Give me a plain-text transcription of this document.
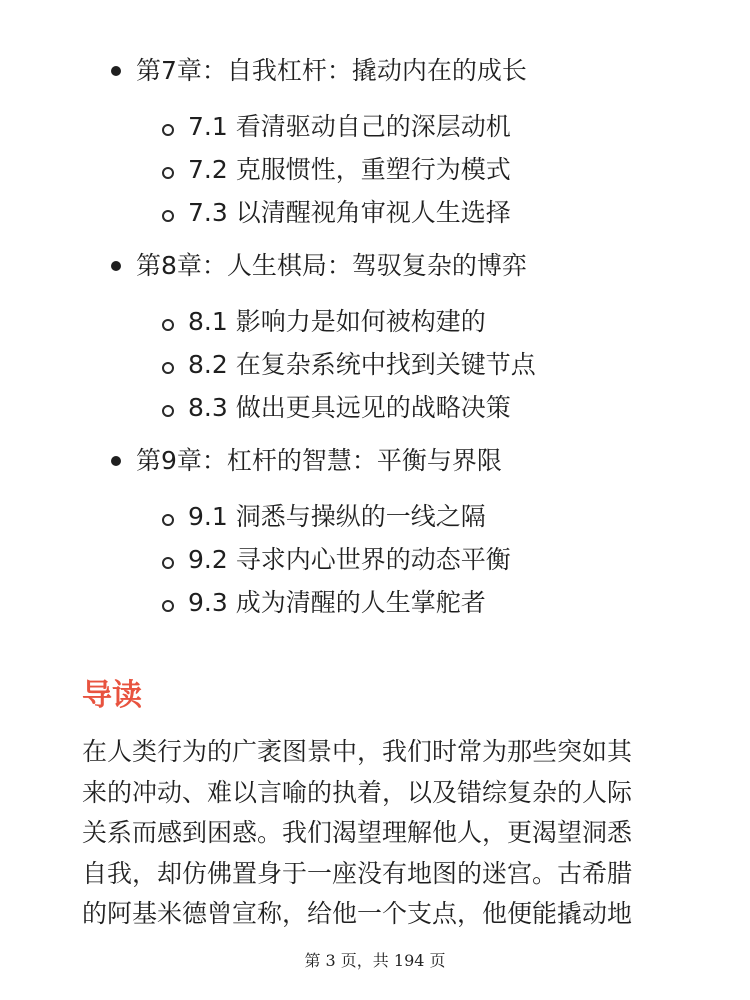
第7章：自我杠杆：撬动内在的成长
7.1 看清驱动自己的深层动机
7.2 克服惯性，重塑行为模式
7.3 以清醒视角审视人生选择
第8章：人生棋局：驾驭复杂的博弈
8.1 影响力是如何被构建的
8.2 在复杂系统中找到关键节点
8.3 做出更具远见的战略决策
第9章：杠杆的智慧：平衡与界限
9.1 洞悉与操纵的一线之隔
9.2 寻求内心世界的动态平衡
9.3 成为清醒的人生掌舵者
导读
在人类行为的广袤图景中，我们时常为那些突如其
来的冲动、难以言喻的执着，以及错综复杂的人际
关系而感到困惑。我们渴望理解他人，更渴望洞悉
自我，却仿佛置身于一座没有地图的迷宫。古希腊
的阿基米德曾宣称，给他一个支点，他便能撬动地
第 3 页，共 194 页
